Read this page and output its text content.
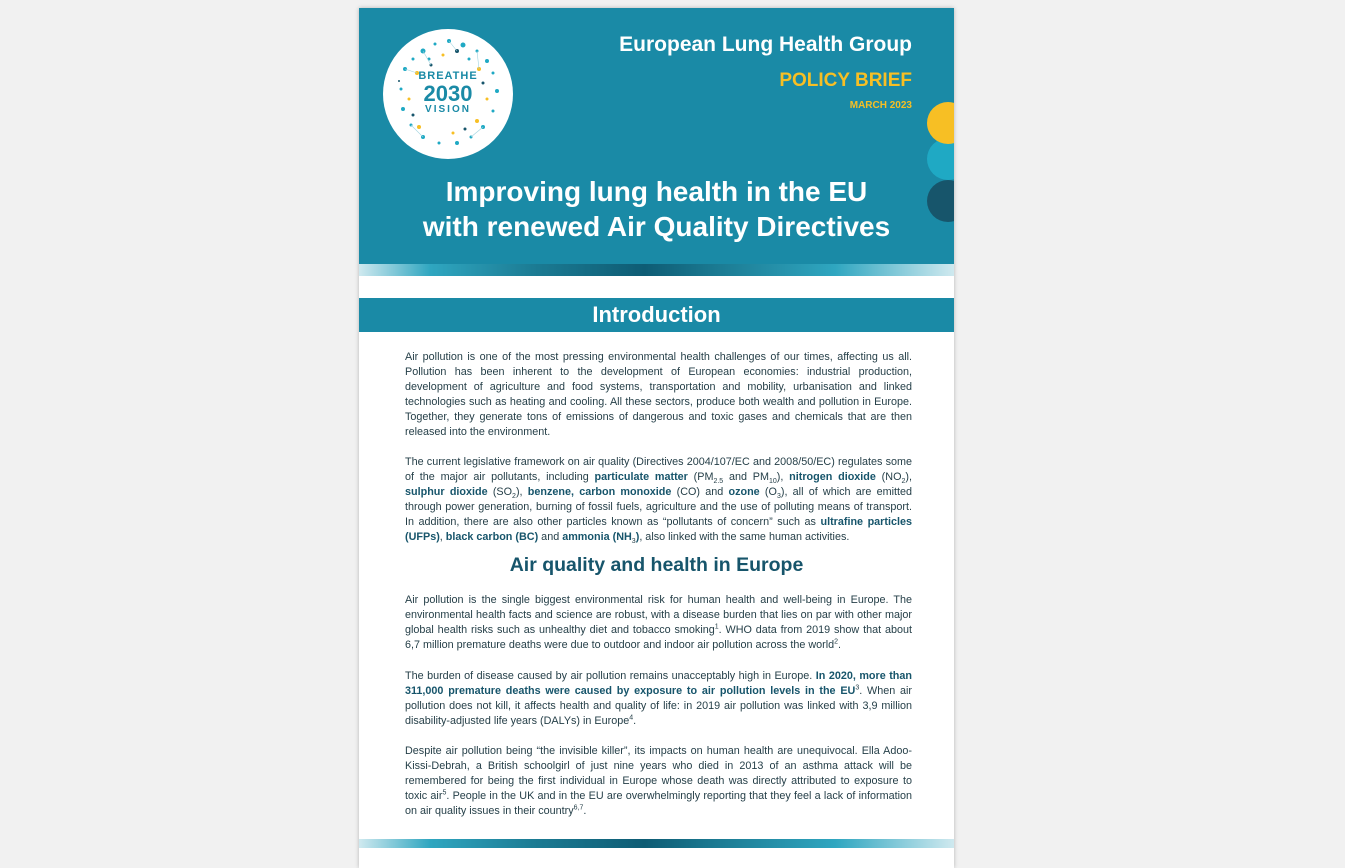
BREATHE
2030
VISION
European Lung Health Group
POLICY BRIEF
MARCH 2023
Improving lung health in the EU
with renewed Air Quality Directives
Introduction

Air pollution is one of the most pressing environmental health challenges of our times, affecting us all. Pollution has been inherent to the development of European economies: industrial production, development of agriculture and food systems, transportation and mobility, urbanisation and linked technologies such as heating and cooling. All these sectors, produce both wealth and pollution in Europe. Together, they generate tons of emissions of dangerous and toxic gases and chemicals that are then released into the environment.

The current legislative framework on air quality (Directives 2004/107/EC and 2008/50/EC) regulates some of the major air pollutants, including particulate matter ($PM_{2.5}$ and $PM_{10}$), nitrogen dioxide $(NO_2)$, sulphur dioxide $(SO_2)$, benzene, carbon monoxide (CO) and ozone $(O_3)$, all of which are emitted through power generation, burning of fossil fuels, agriculture and the use of polluting means of transport. In addition, there are also other particles known as “pollutants of concern” such as ultrafine particles (UFPs), black carbon (BC) and ammonia $(NH_3)$, also linked with the same human activities.

Air quality and health in Europe

Air pollution is the single biggest environmental risk for human health and well-being in Europe. The environmental health facts and science are robust, with a disease burden that lies on par with other major global health risks such as unhealthy diet and tobacco smoking$^1$. WHO data from 2019 show that about 6,7 million premature deaths were due to outdoor and indoor air pollution across the world$^2$.

The burden of disease caused by air pollution remains unacceptably high in Europe. In 2020, more than 311,000 premature deaths were caused by exposure to air pollution levels in the $EU^3$. When air pollution does not kill, it affects health and quality of life: in 2019 air pollution was linked with 3,9 million disability-adjusted life years (DALYs) in Europe$^4$.

Despite air pollution being “the invisible killer”, its impacts on human health are unequivocal. Ella Adoo-Kissi-Debrah, a British schoolgirl of just nine years who died in 2013 of an asthma attack will be remembered for being the first individual in Europe whose death was directly attributed to exposure to toxic air$^5$. People in the UK and in the EU are overwhelmingly reporting that they feel a lack of information on air quality issues in their country$^{6,7}$.
